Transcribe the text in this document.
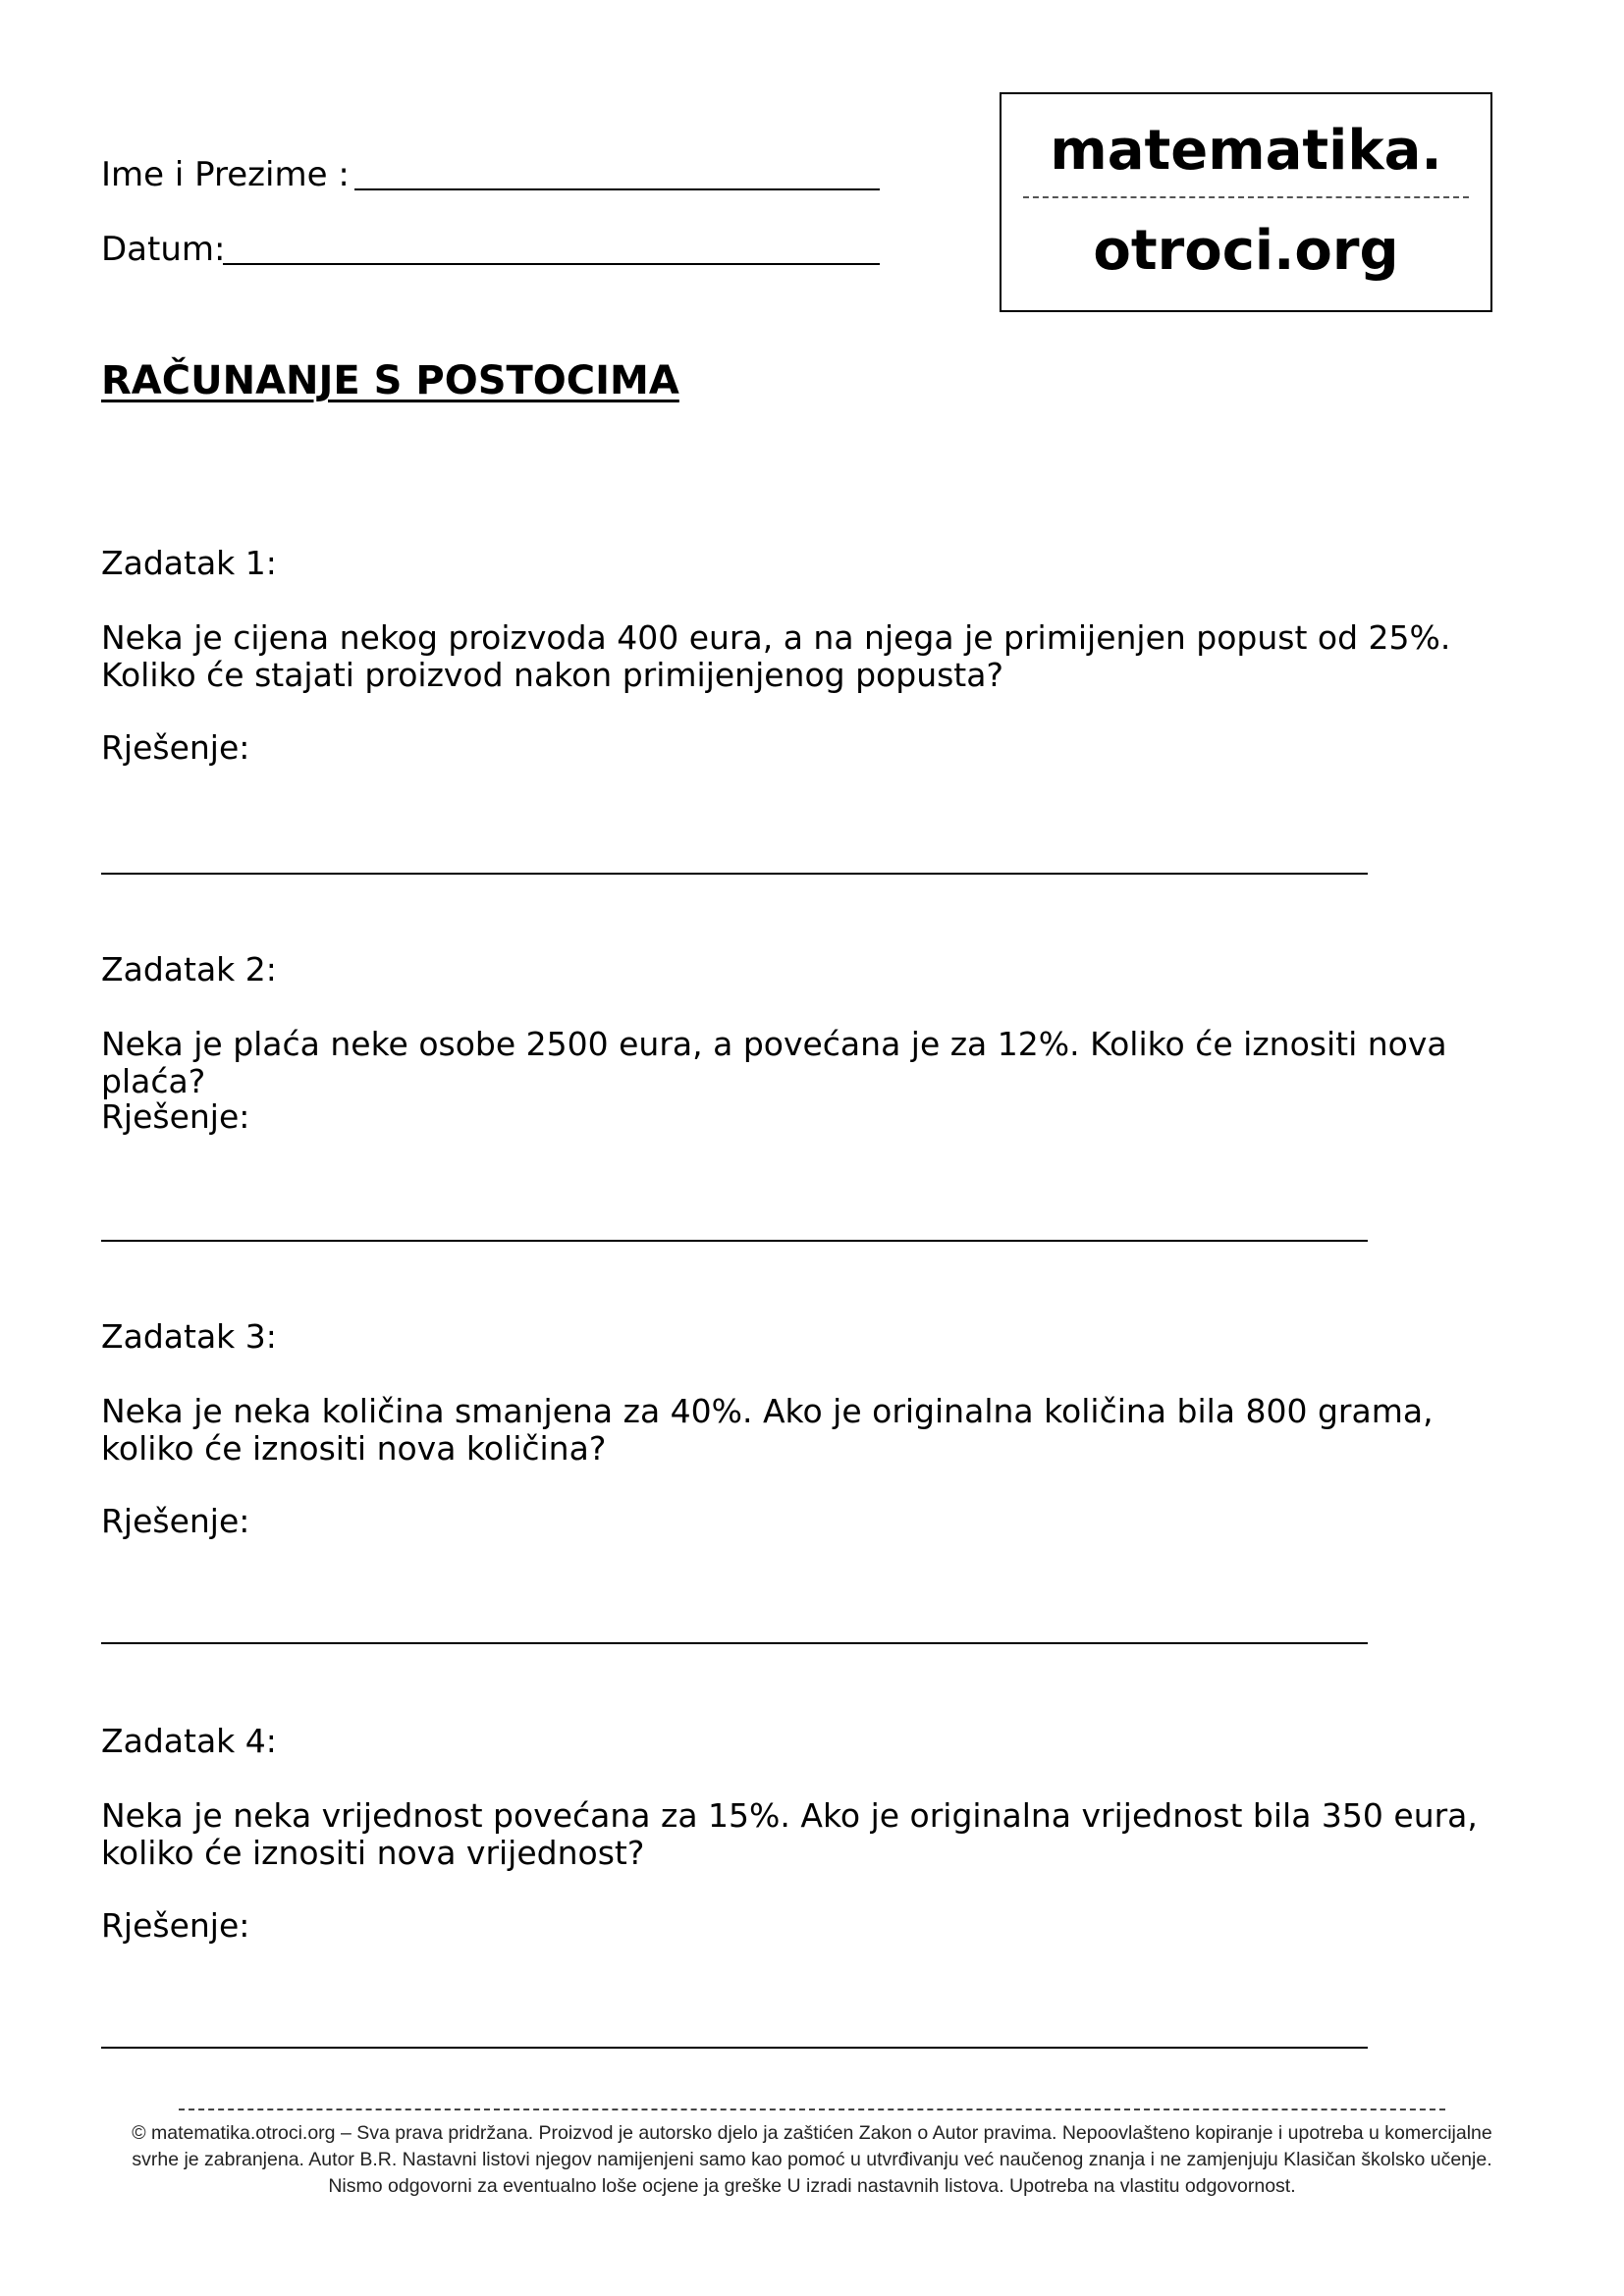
Ime i Prezime :
Datum:
matematika.
otroci.org
RAČUNANJE S POSTOCIMA
Zadatak 1:
Neka je cijena nekog proizvoda 400 eura, a na njega je primijenjen popust od 25%. Koliko će stajati proizvod nakon primijenjenog popusta?
Rješenje:
Zadatak 2:
Neka je plaća neke osobe 2500 eura, a povećana je za 12%. Koliko će iznositi nova plaća?
Rješenje:
Zadatak 3:
Neka je neka količina smanjena za 40%. Ako je originalna količina bila 800 grama, koliko će iznositi nova količina?
Rješenje:
Zadatak 4:
Neka je neka vrijednost povećana za 15%. Ako je originalna vrijednost bila 350 eura, koliko će iznositi nova vrijednost?
Rješenje:
© matematika.otroci.org – Sva prava pridržana. Proizvod je autorsko djelo ja zaštićen Zakon o Autor pravima. Nepoovlašteno kopiranje i upotreba u komercijalne
svrhe je zabranjena. Autor B.R. Nastavni listovi njegov namijenjeni samo kao pomoć u utvrđivanju već naučenog znanja i ne zamjenjuju Klasičan školsko učenje.
Nismo odgovorni za eventualno loše ocjene ja greške U izradi nastavnih listova. Upotreba na vlastitu odgovornost.
